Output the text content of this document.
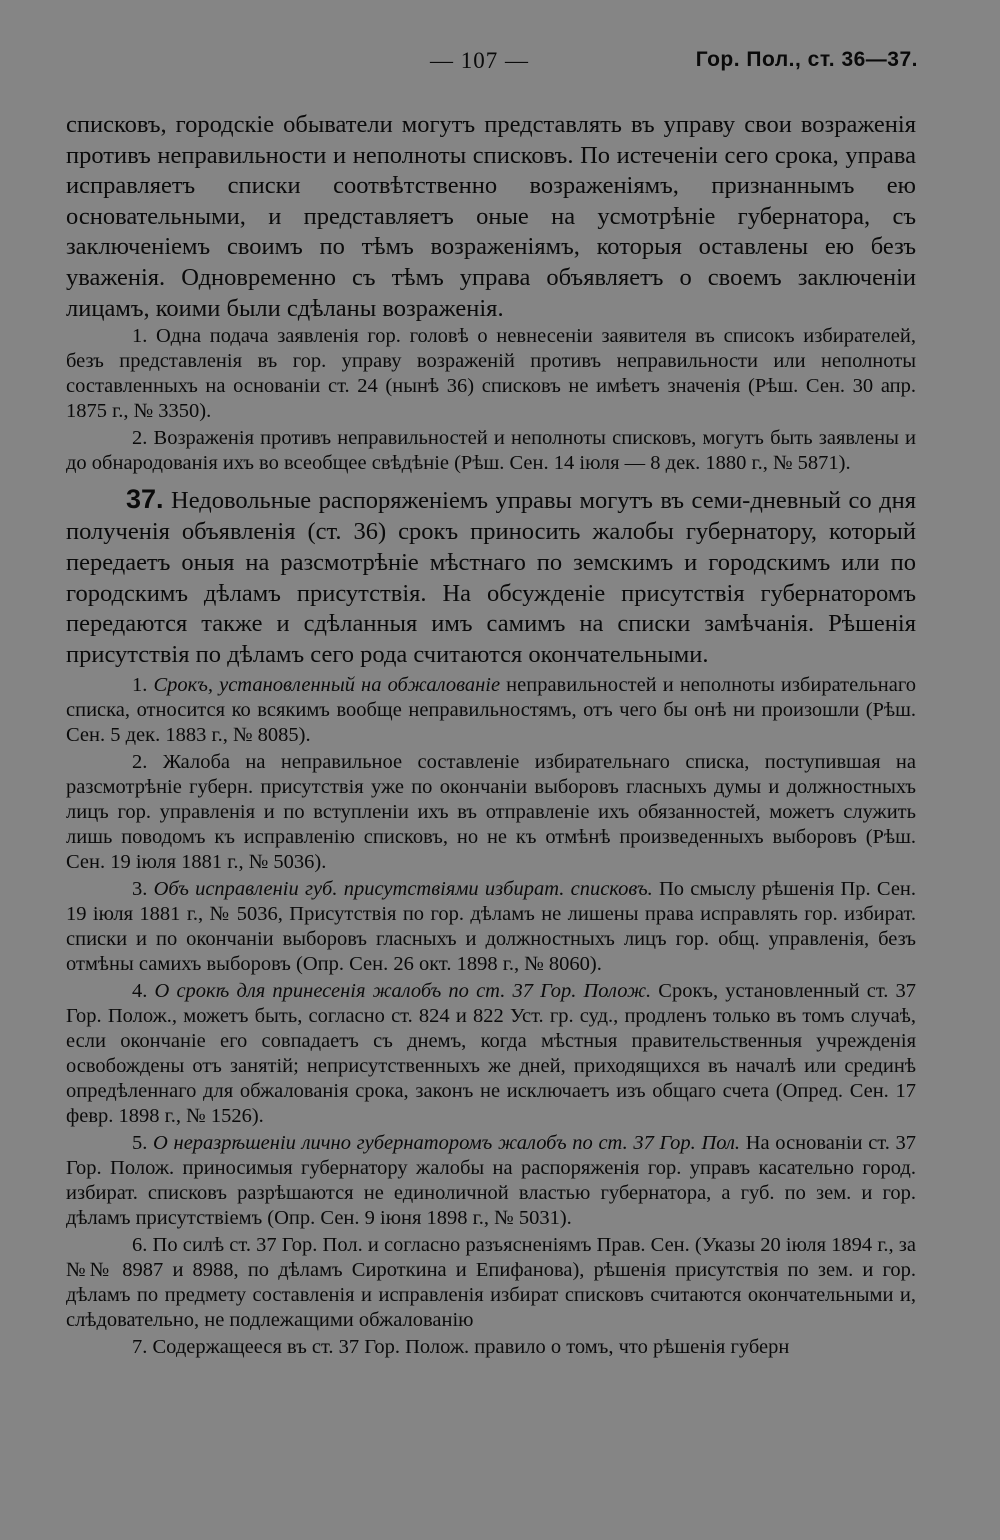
— 107 —	Гор. Пол., ст. 36—37.

списковъ, городскіе обыватели могутъ представлять въ управу свои возраженія противъ неправильности и неполноты списковъ. По истеченіи сего срока, управа исправляетъ списки соотвѣтственно возраженіямъ, признаннымъ ею основательными, и представляетъ оные на усмотрѣніе губернатора, съ заключеніемъ своимъ по тѣмъ возраженіямъ, которыя оставлены ею безъ уваженія. Одновременно съ тѣмъ управа объявляетъ о своемъ заключеніи лицамъ, коими были сдѣланы возраженія.

1. Одна подача заявленія гор. головѣ о невнесеніи заявителя въ списокъ избирателей, безъ представленія въ гор. управу возраженій противъ неправильности или неполноты составленныхъ на основаніи ст. 24 (нынѣ 36) списковъ не имѣетъ значенія (Рѣш. Сен. 30 апр. 1875 г., № 3350).

2. Возраженія противъ неправильностей и неполноты списковъ, могутъ быть заявлены и до обнародованія ихъ во всеобщее свѣдѣніе (Рѣш. Сен. 14 іюля — 8 дек. 1880 г., № 5871).

37. Недовольные распоряженіемъ управы могутъ въ семи-дневный со дня полученія объявленія (ст. 36) срокъ приносить жалобы губернатору, который передаетъ оныя на разсмотрѣніе мѣстнаго по земскимъ и городскимъ или по городскимъ дѣламъ присутствія. На обсужденіе присутствія губернаторомъ передаются также и сдѣланныя имъ самимъ на списки замѣчанія. Рѣшенія присутствія по дѣламъ сего рода считаются окончательными.

1. Срокъ, установленный на обжалованіе неправильностей и неполноты избирательнаго списка, относится ко всякимъ вообще неправильностямъ, отъ чего бы онѣ ни произошли (Рѣш. Сен. 5 дек. 1883 г., № 8085).

2. Жалоба на неправильное составленіе избирательнаго списка, поступившая на разсмотрѣніе губерн. присутствія уже по окончаніи выборовъ гласныхъ думы и должностныхъ лицъ гор. управленія и по вступленіи ихъ въ отправленіе ихъ обязанностей, можетъ служить лишь поводомъ къ исправленію списковъ, но не къ отмѣнѣ произведенныхъ выборовъ (Рѣш. Сен. 19 іюля 1881 г., № 5036).

3. Объ исправленіи губ. присутствіями избират. списковъ. По смыслу рѣшенія Пр. Сен. 19 іюля 1881 г., № 5036, Присутствія по гор. дѣламъ не лишены права исправлять гор. избират. списки и по окончаніи выборовъ гласныхъ и должностныхъ лицъ гор. общ. управленія, безъ отмѣны самихъ выборовъ (Опр. Сен. 26 окт. 1898 г., № 8060).

4. О срокѣ для принесенія жалобъ по ст. 37 Гор. Полож. Срокъ, установленный ст. 37 Гор. Полож., можетъ быть, согласно ст. 824 и 822 Уст. гр. суд., продленъ только въ томъ случаѣ, если окончаніе его совпадаетъ съ днемъ, когда мѣстныя правительственныя учрежденія освобождены отъ занятій; неприсутственныхъ же дней, приходящихся въ началѣ или срединѣ опредѣленнаго для обжалованія срока, законъ не исключаетъ изъ общаго счета (Опред. Сен. 17 февр. 1898 г., № 1526).

5. О неразрѣшеніи лично губернаторомъ жалобъ по ст. 37 Гор. Пол. На основаніи ст. 37 Гор. Полож. приносимыя губернатору жалобы на распоряженія гор. управъ касательно город. избират. списковъ разрѣшаются не единоличной властью губернатора, а губ. по зем. и гор. дѣламъ присутствіемъ (Опр. Сен. 9 іюня 1898 г., № 5031).

6. По силѣ ст. 37 Гор. Пол. и согласно разъясненіямъ Прав. Сен. (Указы 20 іюля 1894 г., за №№ 8987 и 8988, по дѣламъ Сироткина и Епифанова), рѣшенія присутствія по зем. и гор. дѣламъ по предмету составленія и исправленія избират списковъ считаются окончательными и, слѣдовательно, не подлежащими обжалованію

7. Содержащееся въ ст. 37 Гор. Полож. правило о томъ, что рѣшенія губерн
